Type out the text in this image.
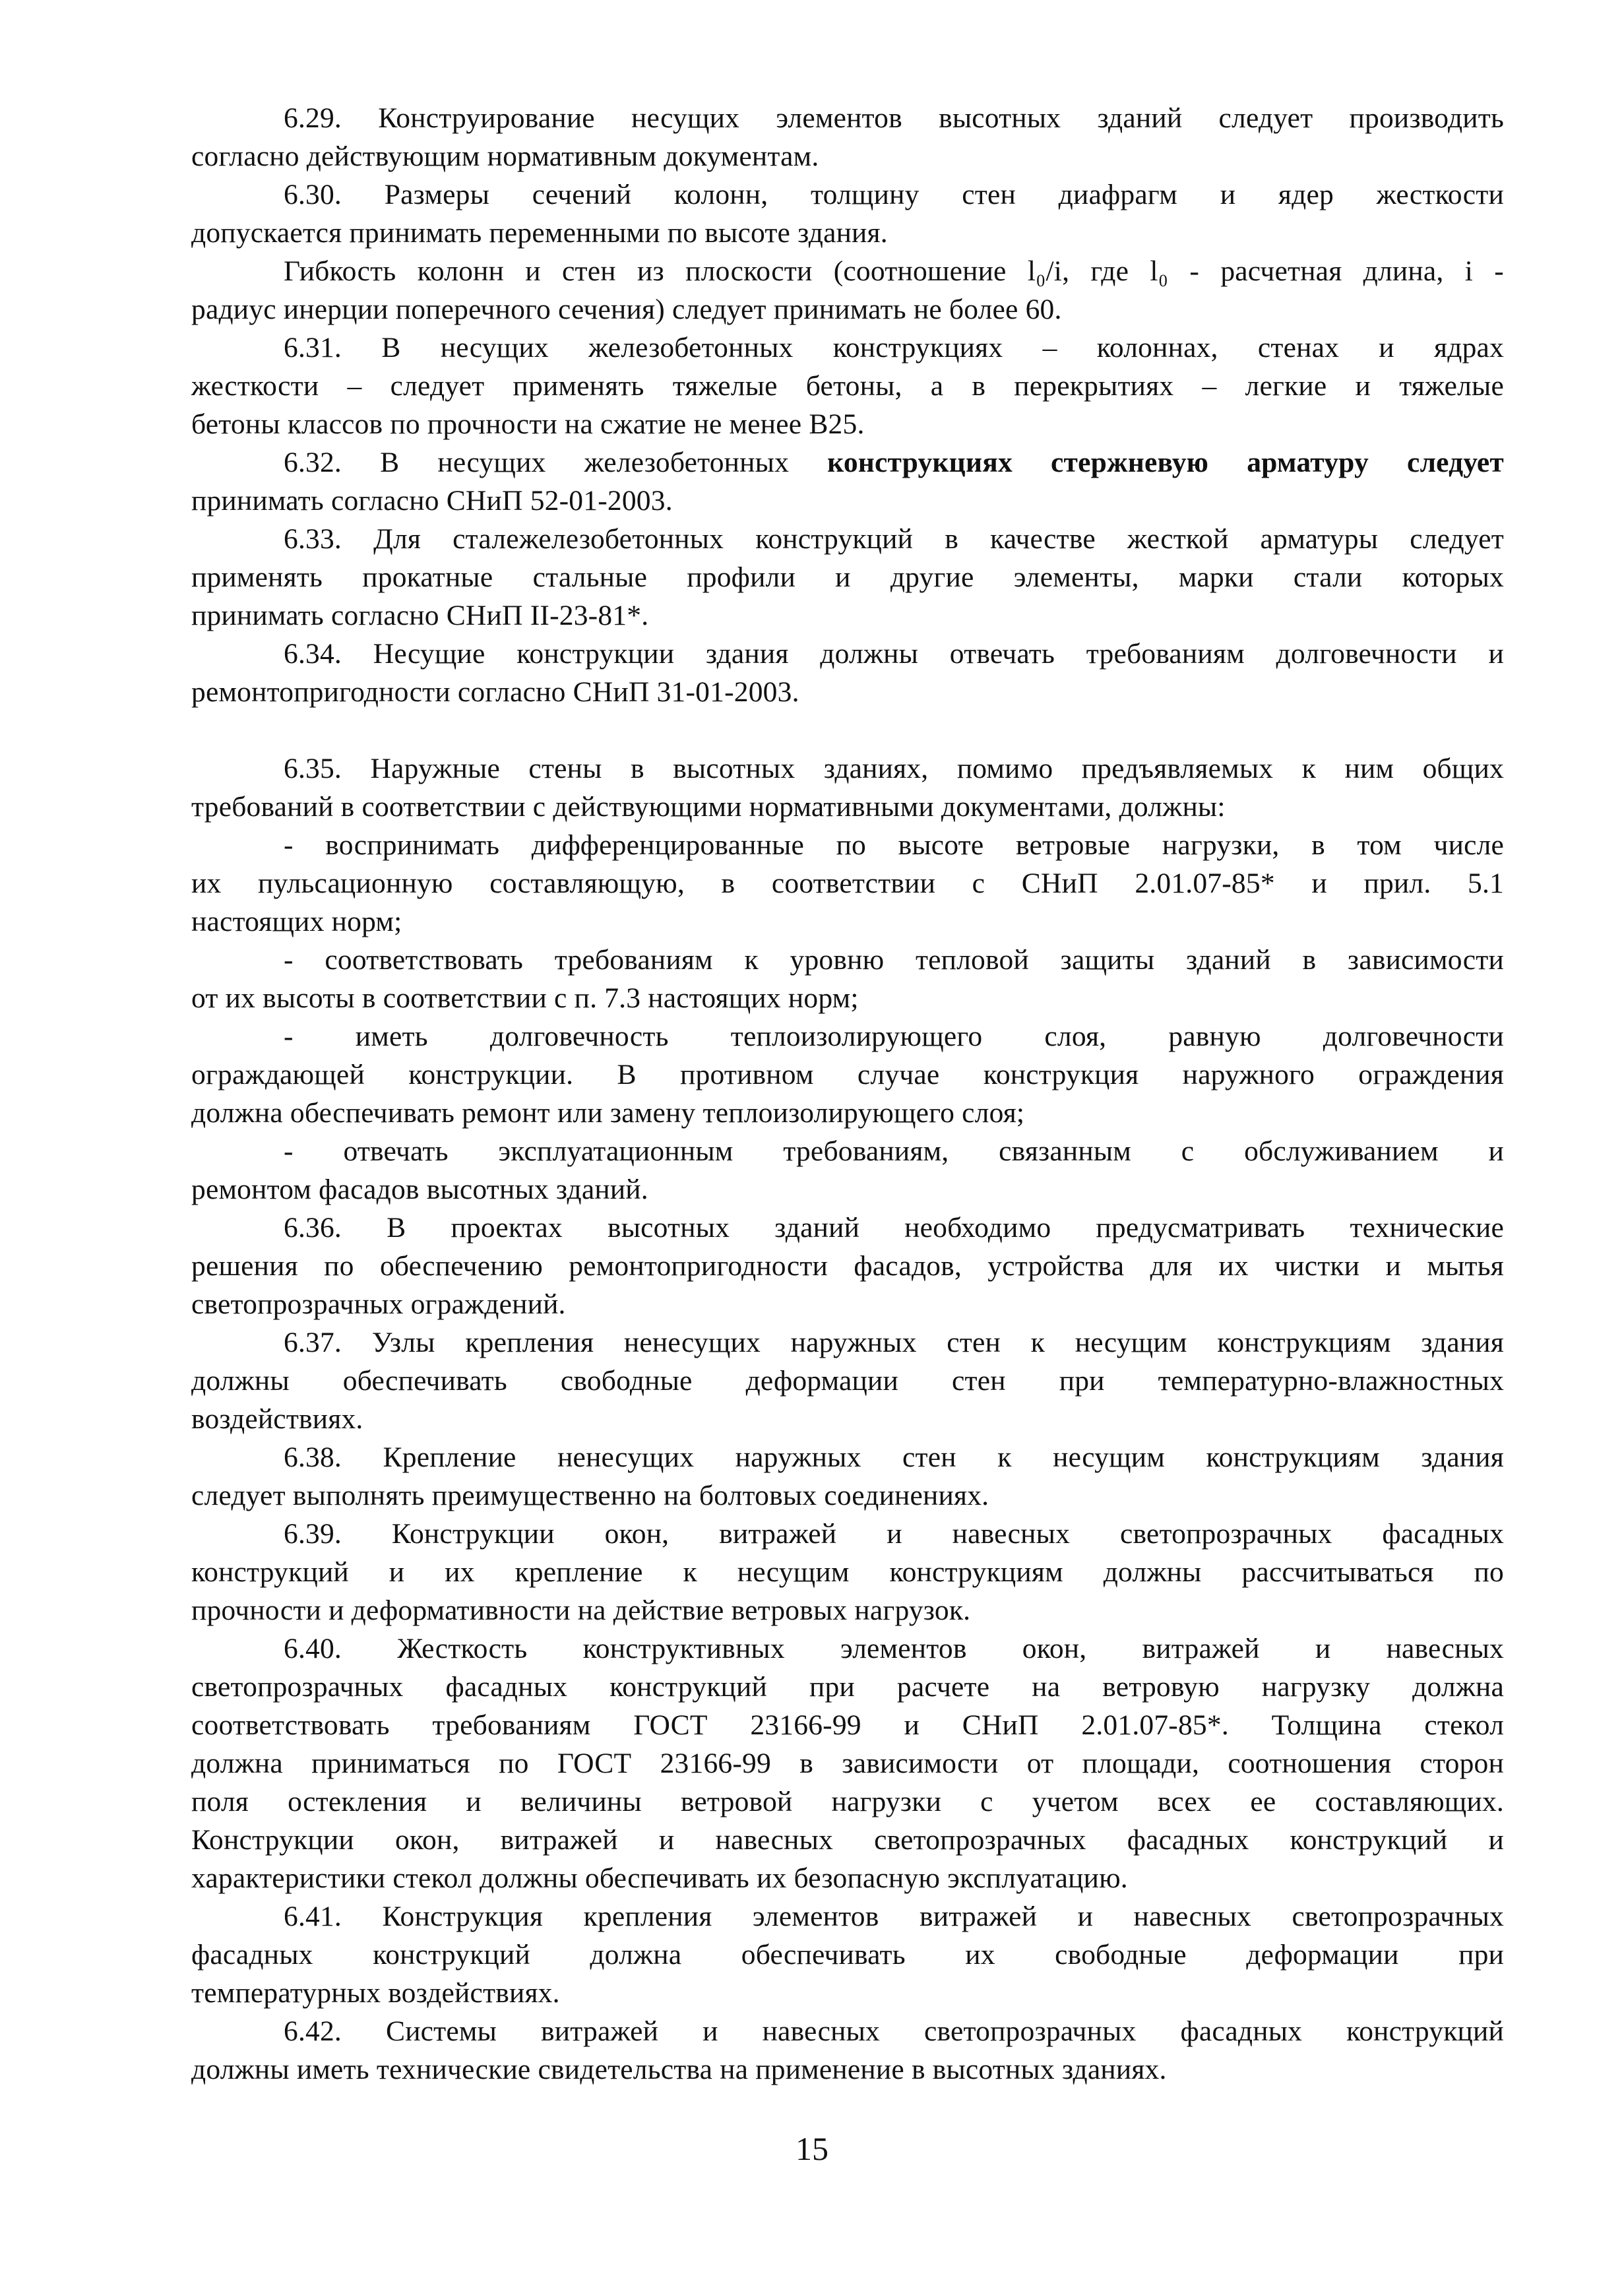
6.29. Конструирование несущих элементов высотных зданий следует производить
согласно действующим нормативным документам.

6.30. Размеры сечений колонн, толщину стен диафрагм и ядер жесткости
допускается принимать переменными по высоте здания.

Гибкость колонн и стен из плоскости (соотношение l₀/i, где l₀ - расчетная длина, i -
радиус инерции поперечного сечения) следует принимать не более 60.

6.31. В несущих железобетонных конструкциях – колоннах, стенах и ядрах
жесткости – следует применять тяжелые бетоны, а в перекрытиях – легкие и тяжелые
бетоны классов по прочности на сжатие не менее В25.

6.32. В несущих железобетонных конструкциях стержневую арматуру следует
принимать согласно СНиП 52-01-2003.

6.33. Для сталежелезобетонных конструкций в качестве жесткой арматуры следует
применять прокатные стальные профили и другие элементы, марки стали которых
принимать согласно СНиП II-23-81*.

6.34. Несущие конструкции здания должны отвечать требованиям долговечности и
ремонтопригодности согласно СНиП 31-01-2003.

6.35. Наружные стены в высотных зданиях, помимо предъявляемых к ним общих
требований в соответствии с действующими нормативными документами, должны:

- воспринимать дифференцированные по высоте ветровые нагрузки, в том числе
их пульсационную составляющую, в соответствии с СНиП 2.01.07-85* и прил. 5.1
настоящих норм;

- соответствовать требованиям к уровню тепловой защиты зданий в зависимости
от их высоты в соответствии с п. 7.3 настоящих норм;

- иметь долговечность теплоизолирующего слоя, равную долговечности
ограждающей конструкции. В противном случае конструкция наружного ограждения
должна обеспечивать ремонт или замену теплоизолирующего слоя;

- отвечать эксплуатационным требованиям, связанным с обслуживанием и
ремонтом фасадов высотных зданий.

6.36. В проектах высотных зданий необходимо предусматривать технические
решения по обеспечению ремонтопригодности фасадов, устройства для их чистки и мытья
светопрозрачных ограждений.

6.37. Узлы крепления ненесущих наружных стен к несущим конструкциям здания
должны обеспечивать свободные деформации стен при температурно-влажностных
воздействиях.

6.38. Крепление ненесущих наружных стен к несущим конструкциям здания
следует выполнять преимущественно на болтовых соединениях.

6.39. Конструкции окон, витражей и навесных светопрозрачных фасадных
конструкций и их крепление к несущим конструкциям должны рассчитываться по
прочности и деформативности на действие ветровых нагрузок.

6.40. Жесткость конструктивных элементов окон, витражей и навесных
светопрозрачных фасадных конструкций при расчете на ветровую нагрузку должна
соответствовать требованиям ГОСТ 23166-99 и СНиП 2.01.07-85*. Толщина стекол
должна приниматься по ГОСТ 23166-99 в зависимости от площади, соотношения сторон
поля остекления и величины ветровой нагрузки с учетом всех ее составляющих.
Конструкции окон, витражей и навесных светопрозрачных фасадных конструкций и
характеристики стекол должны обеспечивать их безопасную эксплуатацию.

6.41. Конструкция крепления элементов витражей и навесных светопрозрачных
фасадных конструкций должна обеспечивать их свободные деформации при
температурных воздействиях.

6.42. Системы витражей и навесных светопрозрачных фасадных конструкций
должны иметь технические свидетельства на применение в высотных зданиях.

15
